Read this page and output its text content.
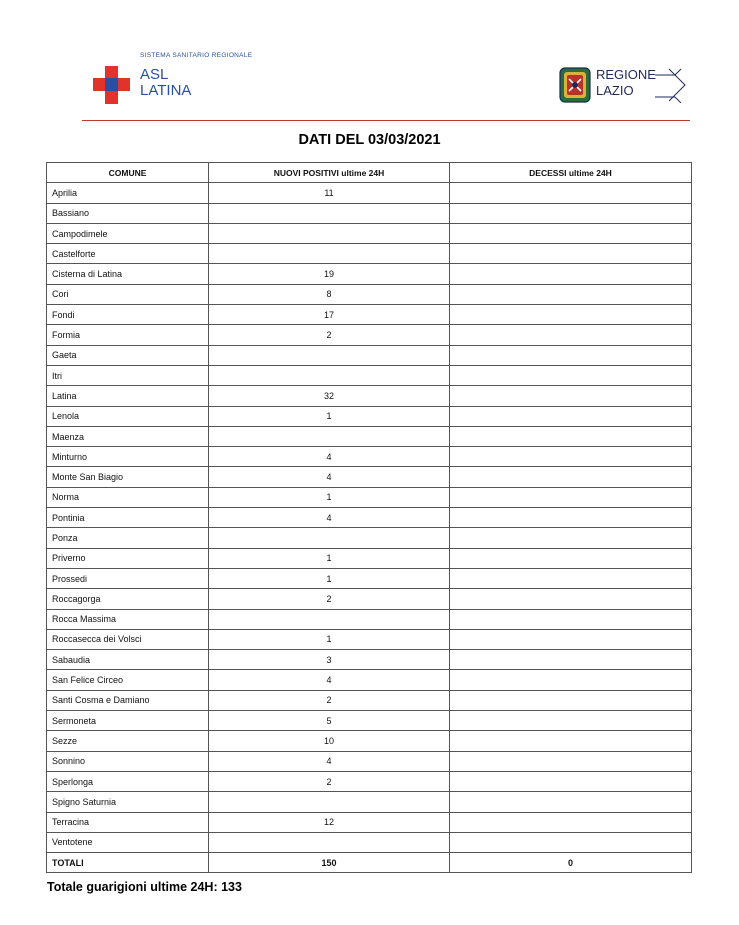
SISTEMA SANITARIO REGIONALE
ASL
LATINA
REGIONE
LAZIO
DATI DEL 03/03/2021
COMUNE	NUOVI POSITIVI ultime 24H	DECESSI ultime 24H
Aprilia	11	
Bassiano		
Campodimele		
Castelforte		
Cisterna di Latina	19	
Cori	8	
Fondi	17	
Formia	2	
Gaeta		
Itri		
Latina	32	
Lenola	1	
Maenza		
Minturno	4	
Monte San Biagio	4	
Norma	1	
Pontinia	4	
Ponza		
Priverno	1	
Prossedi	1	
Roccagorga	2	
Rocca Massima		
Roccasecca dei Volsci	1	
Sabaudia	3	
San Felice Circeo	4	
Santi Cosma e Damiano	2	
Sermoneta	5	
Sezze	10	
Sonnino	4	
Sperlonga	2	
Spigno Saturnia		
Terracina	12	
Ventotene		
TOTALI	150	0
Totale guarigioni ultime 24H: 133
